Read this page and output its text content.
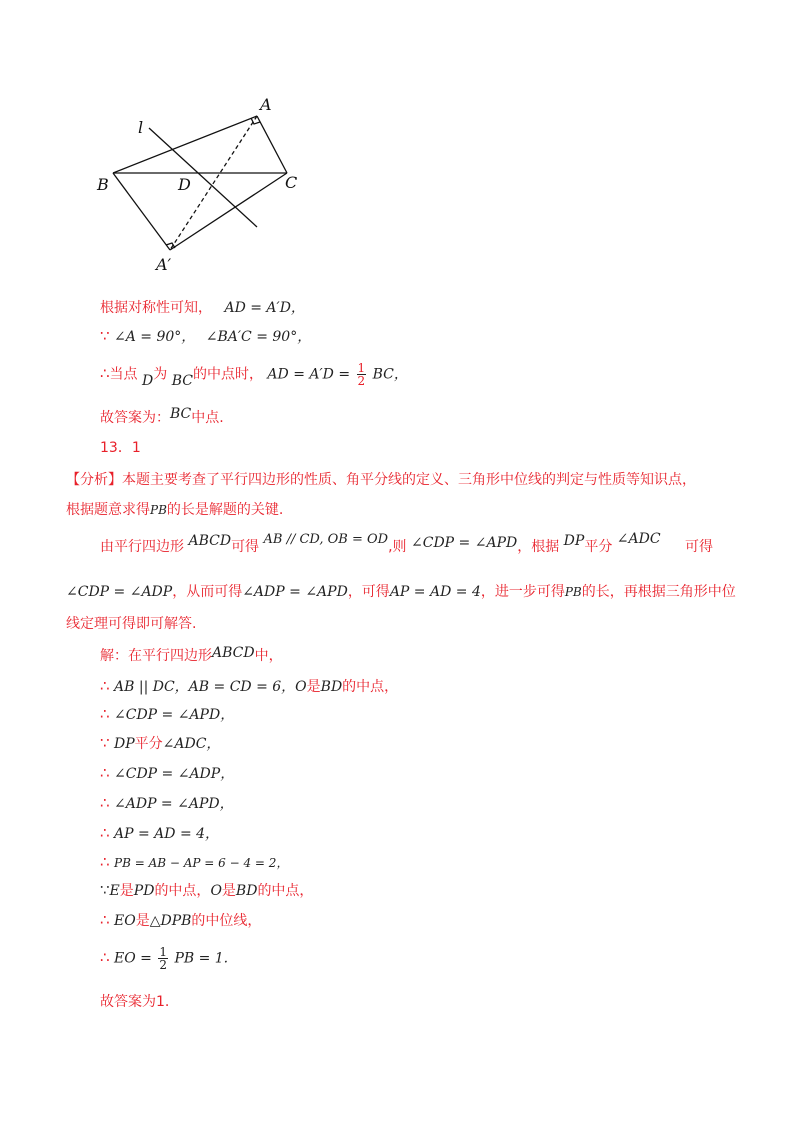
A
l
B	D	C
A′
根据对称性可知， AD = A′D，
∵ ∠A = 90°， ∠BA′C = 90°，
∴当点 D为 BC的中点时， AD = $A'D = \frac{1}{2}$ BC，
故答案为：BC中点.
13．1
【分析】本题主要考查了平行四边形的性质、角平分线的定义、三角形中位线的判定与性质等知识点，
根据题意求得PB的长是解题的关键.
由平行四边形 ABCD可得 AB // CD, OB = OD,则 ∠CDP = ∠APD，根据 DP平分 ∠ADC 可得
∠CDP = ∠ADP，从而可得∠ADP = ∠APD，可得AP = AD = 4，进一步可得PB的长，再根据三角形中位
线定理可得即可解答.
解：在平行四边形ABCD中，
∴ AB || DC，AB = CD = 6，O是BD的中点，
∴ ∠CDP = ∠APD，
∵ DP平分∠ADC，
∴ ∠CDP = ∠ADP，
∴ ∠ADP = ∠APD，
∴ AP = AD = 4，
∴ PB = AB − AP = 6 − 4 = 2，
∵E是PD的中点，O是BD的中点，
∴ EO是△DPB的中位线，
∴ EO = $\frac{1}{2}$ PB = 1.
故答案为1.
